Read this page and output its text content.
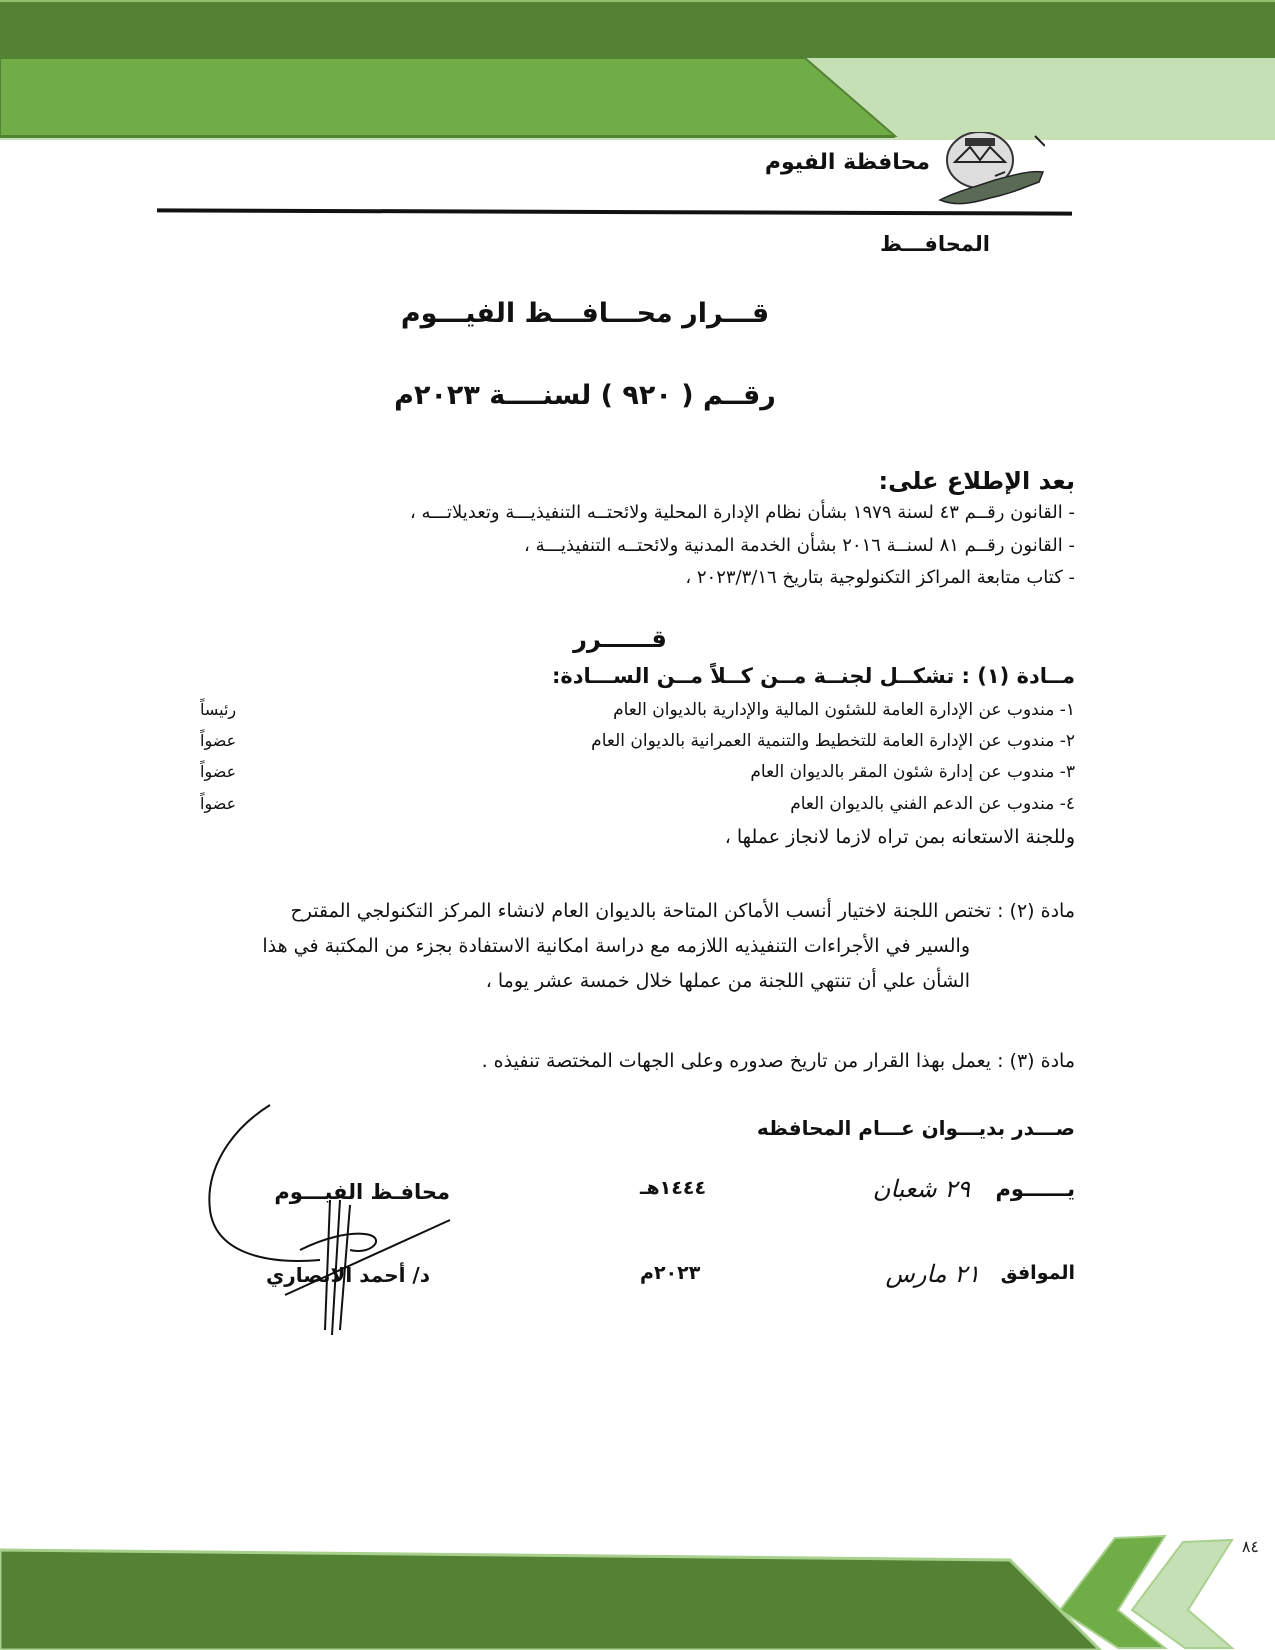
محافظة الفيوم
المحافـــظ
قـــرار محـــافـــظ الفيـــوم
رقــم ( ٩٢٠ ) لسنــــة ٢٠٢٣م
بعد الإطلاع على:
- القانون رقــم ٤٣ لسنة ١٩٧٩ بشأن نظام الإدارة المحلية ولائحتــه التنفيذيـــة وتعديلاتـــه ،
- القانون رقــم ٨١ لسنــة ٢٠١٦ بشأن الخدمة المدنية ولائحتــه التنفيذيـــة ،
- كتاب متابعة المراكز التكنولوجية بتاريخ ٢٠٢٣/٣/١٦ ،
قــــــرر
مــادة (١) : تشكــل لجنــة مــن كــلاً مــن الســـادة:
١- مندوب عن الإدارة العامة للشئون المالية والإدارية بالديوان العام
رئيساً
٢- مندوب عن الإدارة العامة للتخطيط والتنمية العمرانية بالديوان العام
عضواً
٣- مندوب عن إدارة شئون المقر بالديوان العام
عضواً
٤- مندوب عن الدعم الفني بالديوان العام
عضواً
وللجنة الاستعانه بمن تراه لازما لانجاز عملها ،
مادة (٢) : تختص اللجنة لاختيار أنسب الأماكن المتاحة بالديوان العام لانشاء المركز التكنولجي المقترح
والسير في الأجراءات التنفيذيه اللازمه مع دراسة امكانية الاستفادة بجزء من المكتبة في هذا
الشأن علي أن تنتهي اللجنة من عملها خلال خمسة عشر يوما ،
مادة (٣) : يعمل بهذا القرار من تاريخ صدوره وعلى الجهات المختصة تنفيذه .
صـــدر بديـــوان عـــام المحافظه
يــــــوم
٢٩ شعبان
١٤٤٤هـ
الموافق
٢١ مارس
٢٠٢٣م
محافـظ الفيـــوم
د/ أحمد الانصاري
٨٤
